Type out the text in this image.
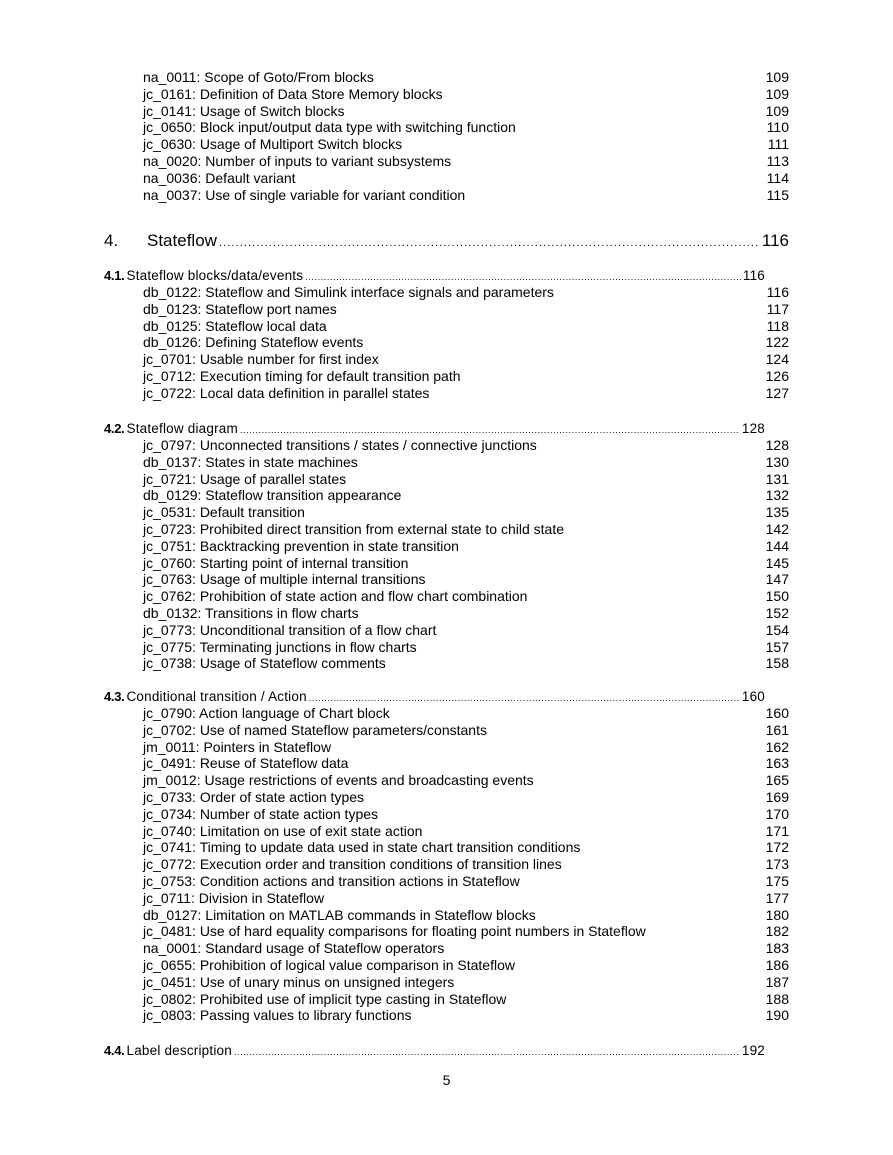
na_0011: Scope of Goto/From blocks	109
jc_0161: Definition of Data Store Memory blocks	109
jc_0141: Usage of Switch blocks	109
jc_0650: Block input/output data type with switching function	110
jc_0630: Usage of Multiport Switch blocks	111
na_0020: Number of inputs to variant subsystems	113
na_0036: Default variant	114
na_0037: Use of single variable for variant condition	115
4.	Stateflow .....	116
4.1. Stateflow blocks/data/events .....	116
db_0122: Stateflow and Simulink interface signals and parameters	116
db_0123: Stateflow port names	117
db_0125: Stateflow local data	118
db_0126: Defining Stateflow events	122
jc_0701: Usable number for first index	124
jc_0712: Execution timing for default transition path	126
jc_0722: Local data definition in parallel states	127
4.2. Stateflow diagram .....	128
jc_0797: Unconnected transitions / states / connective junctions	128
db_0137: States in state machines	130
jc_0721: Usage of parallel states	131
db_0129: Stateflow transition appearance	132
jc_0531: Default transition	135
jc_0723: Prohibited direct transition from external state to child state	142
jc_0751: Backtracking prevention in state transition	144
jc_0760: Starting point of internal transition	145
jc_0763: Usage of multiple internal transitions	147
jc_0762: Prohibition of state action and flow chart combination	150
db_0132: Transitions in flow charts	152
jc_0773: Unconditional transition of a flow chart	154
jc_0775: Terminating junctions in flow charts	157
jc_0738: Usage of Stateflow comments	158
4.3. Conditional transition / Action .....	160
jc_0790: Action language of Chart block	160
jc_0702: Use of named Stateflow parameters/constants	161
jm_0011: Pointers in Stateflow	162
jc_0491: Reuse of Stateflow data	163
jm_0012: Usage restrictions of events and broadcasting events	165
jc_0733: Order of state action types	169
jc_0734: Number of state action types	170
jc_0740: Limitation on use of exit state action	171
jc_0741: Timing to update data used in state chart transition conditions	172
jc_0772: Execution order and transition conditions of transition lines	173
jc_0753: Condition actions and transition actions in Stateflow	175
jc_0711: Division in Stateflow	177
db_0127: Limitation on MATLAB commands in Stateflow blocks	180
jc_0481: Use of hard equality comparisons for floating point numbers in Stateflow	182
na_0001: Standard usage of Stateflow operators	183
jc_0655: Prohibition of logical value comparison in Stateflow	186
jc_0451: Use of unary minus on unsigned integers	187
jc_0802: Prohibited use of implicit type casting in Stateflow	188
jc_0803: Passing values to library functions	190
4.4. Label description .....	192
5
